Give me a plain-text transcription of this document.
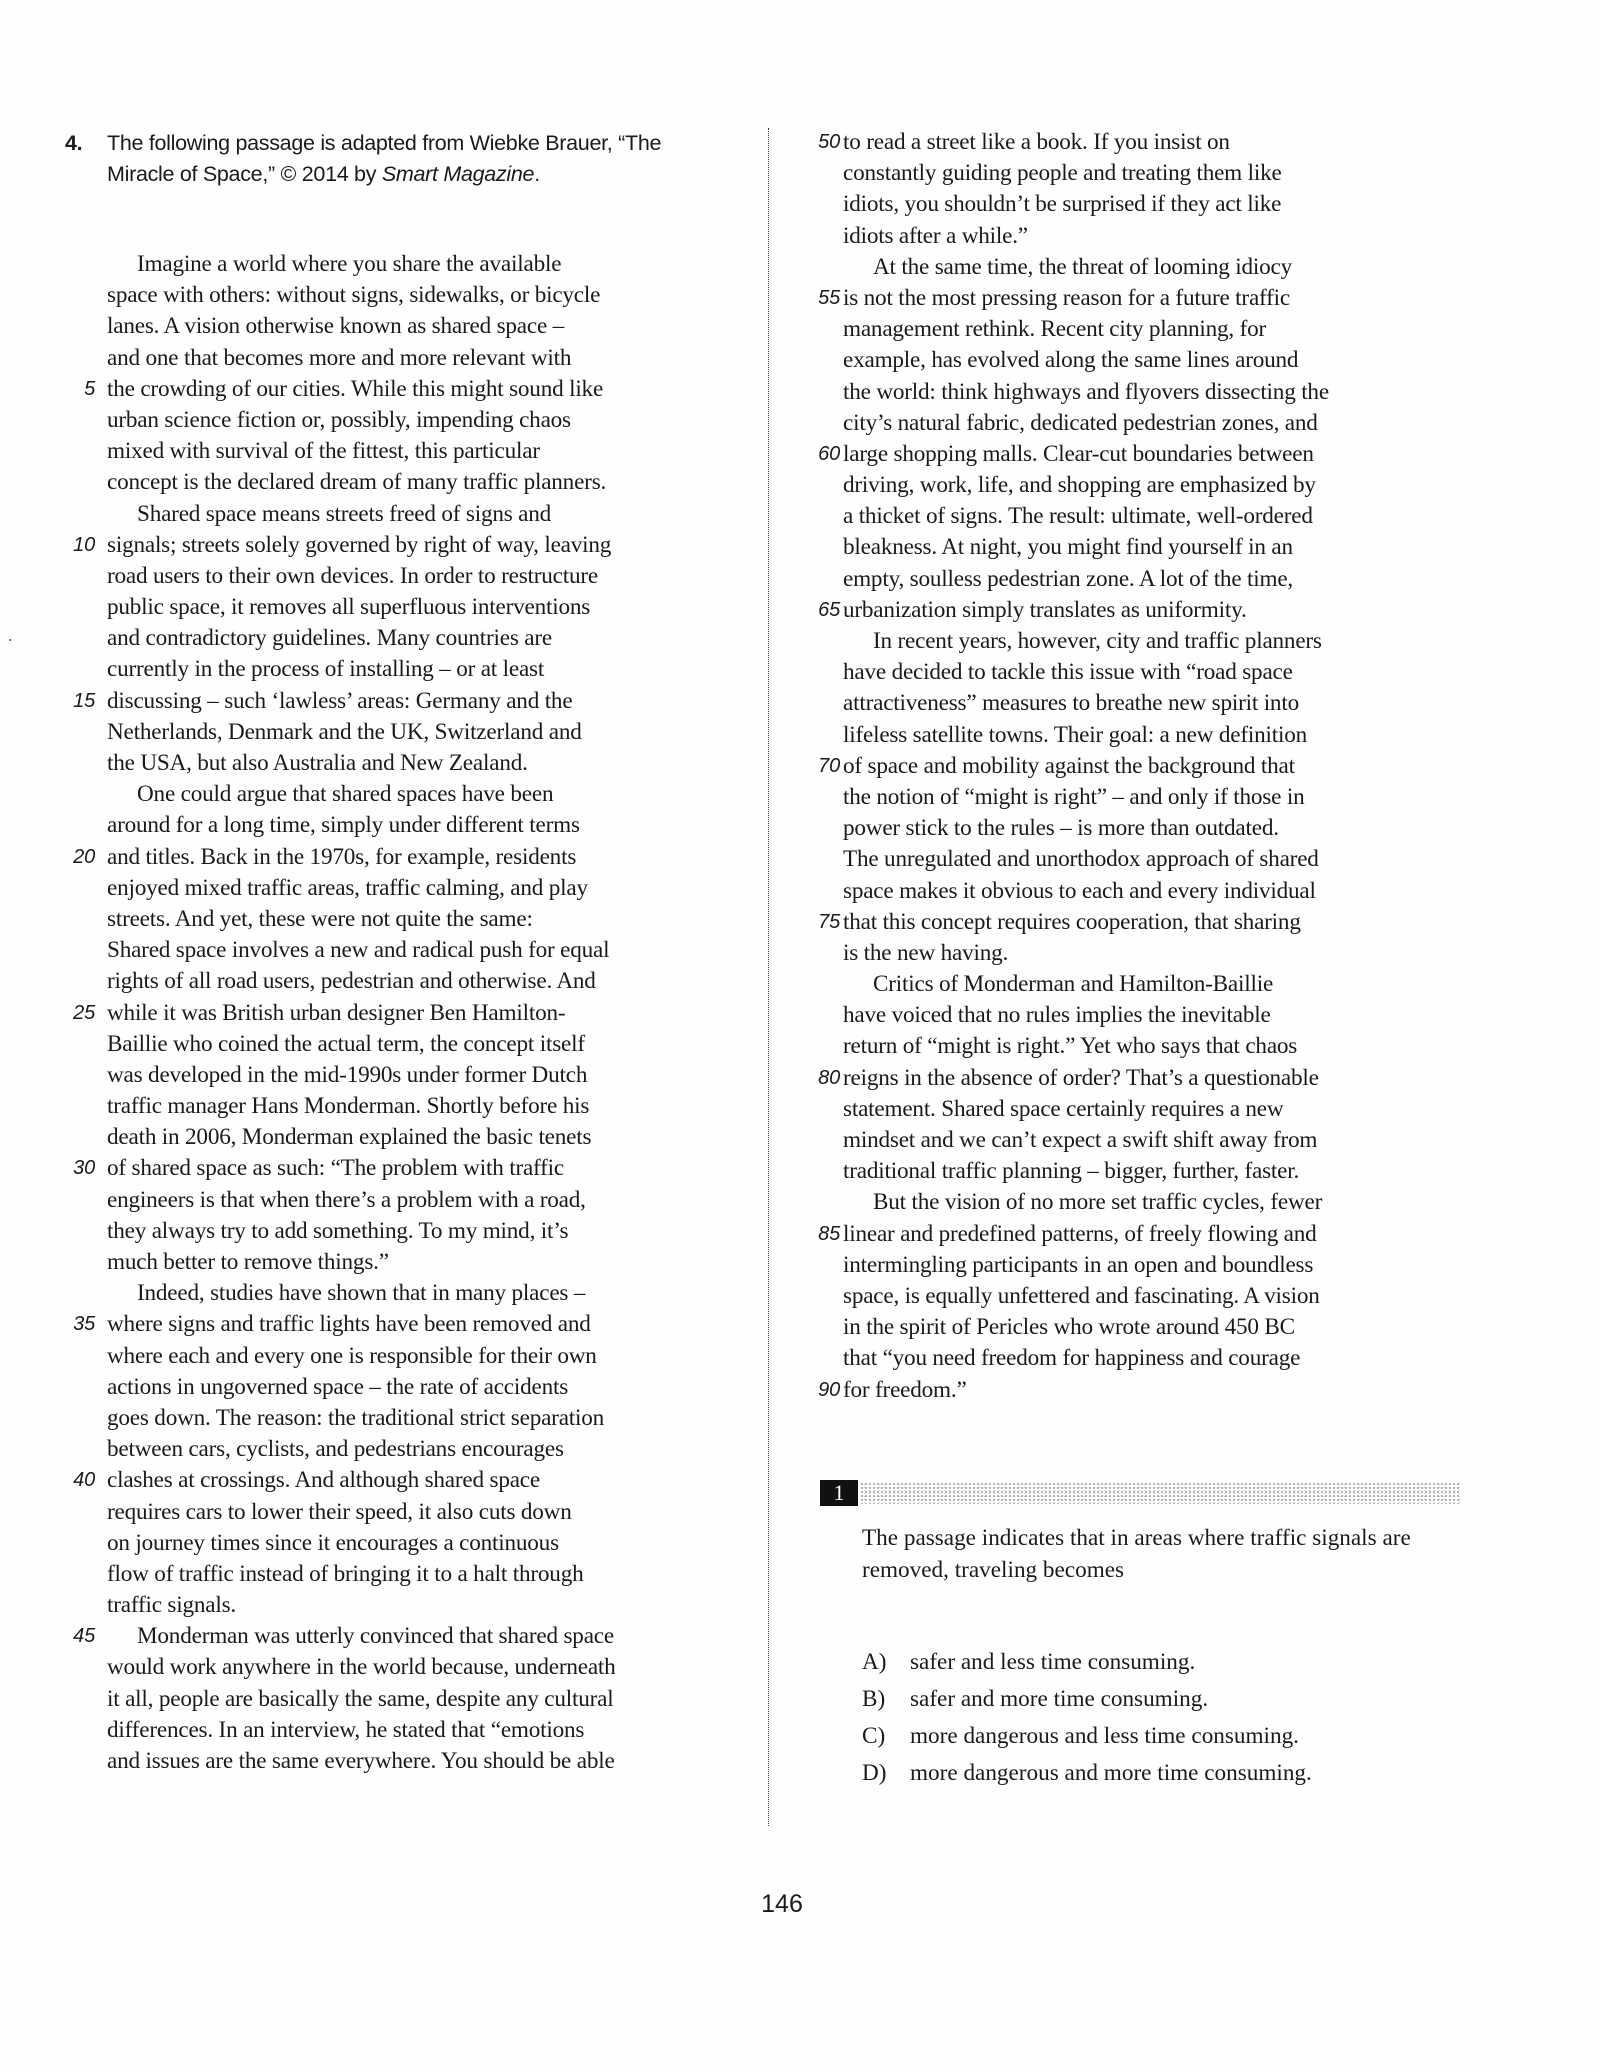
4. The following passage is adapted from Wiebke Brauer, “The Miracle of Space,” © 2014 by Smart Magazine.
Imagine a world where you share the available
space with others: without signs, sidewalks, or bicycle
lanes. A vision otherwise known as shared space –
and one that becomes more and more relevant with
5 the crowding of our cities. While this might sound like
urban science fiction or, possibly, impending chaos
mixed with survival of the fittest, this particular
concept is the declared dream of many traffic planners.
Shared space means streets freed of signs and
10 signals; streets solely governed by right of way, leaving
road users to their own devices. In order to restructure
public space, it removes all superfluous interventions
and contradictory guidelines. Many countries are
currently in the process of installing – or at least
15 discussing – such ‘lawless’ areas: Germany and the
Netherlands, Denmark and the UK, Switzerland and
the USA, but also Australia and New Zealand.
One could argue that shared spaces have been
around for a long time, simply under different terms
20 and titles. Back in the 1970s, for example, residents
enjoyed mixed traffic areas, traffic calming, and play
streets. And yet, these were not quite the same:
Shared space involves a new and radical push for equal
rights of all road users, pedestrian and otherwise. And
25 while it was British urban designer Ben Hamilton-
Baillie who coined the actual term, the concept itself
was developed in the mid-1990s under former Dutch
traffic manager Hans Monderman. Shortly before his
death in 2006, Monderman explained the basic tenets
30 of shared space as such: “The problem with traffic
engineers is that when there’s a problem with a road,
they always try to add something. To my mind, it’s
much better to remove things.”
Indeed, studies have shown that in many places –
35 where signs and traffic lights have been removed and
where each and every one is responsible for their own
actions in ungoverned space – the rate of accidents
goes down. The reason: the traditional strict separation
between cars, cyclists, and pedestrians encourages
40 clashes at crossings. And although shared space
requires cars to lower their speed, it also cuts down
on journey times since it encourages a continuous
flow of traffic instead of bringing it to a halt through
traffic signals.
45	Monderman was utterly convinced that shared space
would work anywhere in the world because, underneath
it all, people are basically the same, despite any cultural
differences. In an interview, he stated that “emotions
and issues are the same everywhere. You should be able
50 to read a street like a book. If you insist on
constantly guiding people and treating them like
idiots, you shouldn’t be surprised if they act like
idiots after a while.”
At the same time, the threat of looming idiocy
55 is not the most pressing reason for a future traffic
management rethink. Recent city planning, for
example, has evolved along the same lines around
the world: think highways and flyovers dissecting the
city’s natural fabric, dedicated pedestrian zones, and
60 large shopping malls. Clear-cut boundaries between
driving, work, life, and shopping are emphasized by
a thicket of signs. The result: ultimate, well-ordered
bleakness. At night, you might find yourself in an
empty, soulless pedestrian zone. A lot of the time,
65 urbanization simply translates as uniformity.
In recent years, however, city and traffic planners
have decided to tackle this issue with “road space
attractiveness” measures to breathe new spirit into
lifeless satellite towns. Their goal: a new definition
70 of space and mobility against the background that
the notion of “might is right” – and only if those in
power stick to the rules – is more than outdated.
The unregulated and unorthodox approach of shared
space makes it obvious to each and every individual
75 that this concept requires cooperation, that sharing
is the new having.
Critics of Monderman and Hamilton-Baillie
have voiced that no rules implies the inevitable
return of “might is right.” Yet who says that chaos
80 reigns in the absence of order? That’s a questionable
statement. Shared space certainly requires a new
mindset and we can’t expect a swift shift away from
traditional traffic planning – bigger, further, faster.
But the vision of no more set traffic cycles, fewer
85 linear and predefined patterns, of freely flowing and
intermingling participants in an open and boundless
space, is equally unfettered and fascinating. A vision
in the spirit of Pericles who wrote around 450 BC
that “you need freedom for happiness and courage
90 for freedom.”
1
The passage indicates that in areas where traffic signals are removed, traveling becomes
A) safer and less time consuming.
B) safer and more time consuming.
C) more dangerous and less time consuming.
D) more dangerous and more time consuming.
146
